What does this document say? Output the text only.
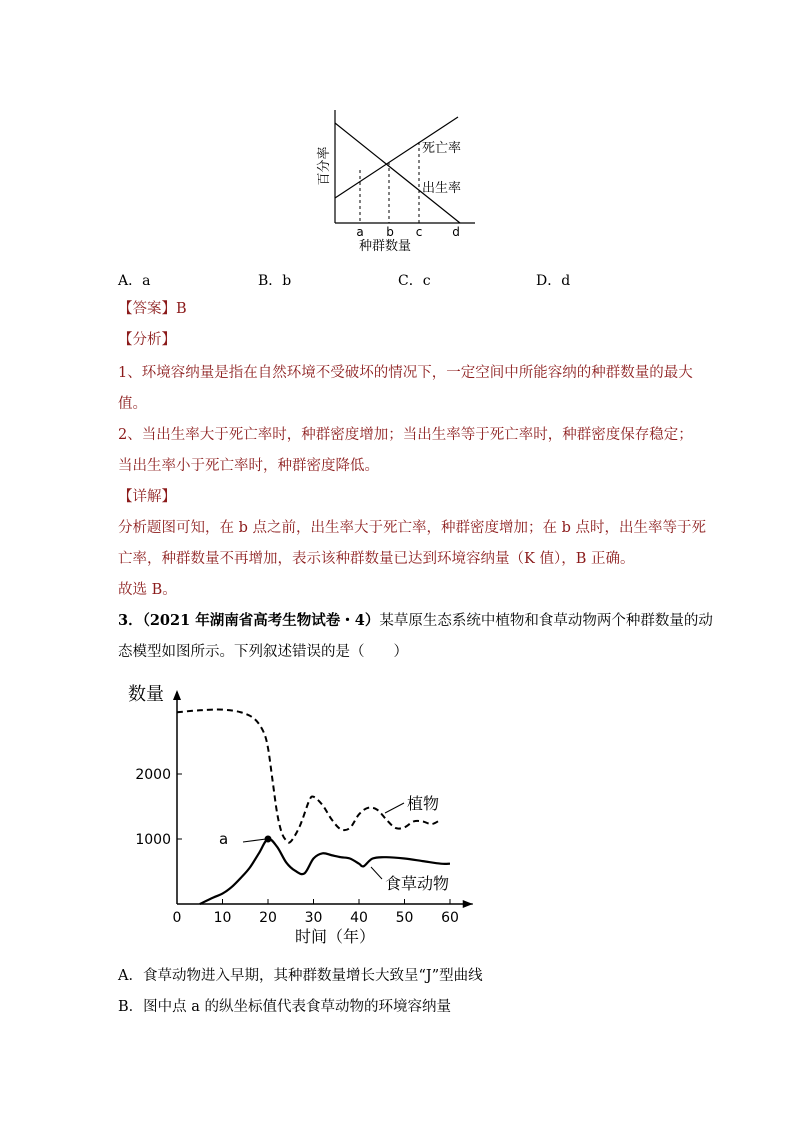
百分率	死亡率
出生率
a b c d
种群数量
A．a	B．b	C．c	D．d
【答案】B
【分析】
1、环境容纳量是指在自然环境不受破坏的情况下，一定空间中所能容纳的种群数量的最大
值。
2、当出生率大于死亡率时，种群密度增加；当出生率等于死亡率时，种群密度保存稳定；
当出生率小于死亡率时，种群密度降低。
【详解】
分析题图可知，在 b 点之前，出生率大于死亡率，种群密度增加；在 b 点时，出生率等于死
亡率，种群数量不再增加，表示该种群数量已达到环境容纳量（K 值），B 正确。
故选 B。
3．（2021 年湖南省高考生物试卷・4）某草原生态系统中植物和食草动物两个种群数量的动
态模型如图所示。下列叙述错误的是（　　）
0 10 20 30 40 50 60
1000
2000
a
数量
时间（年）
植物
食草动物
A．食草动物进入早期，其种群数量增长大致呈“J”型曲线
B．图中点 a 的纵坐标值代表食草动物的环境容纳量
